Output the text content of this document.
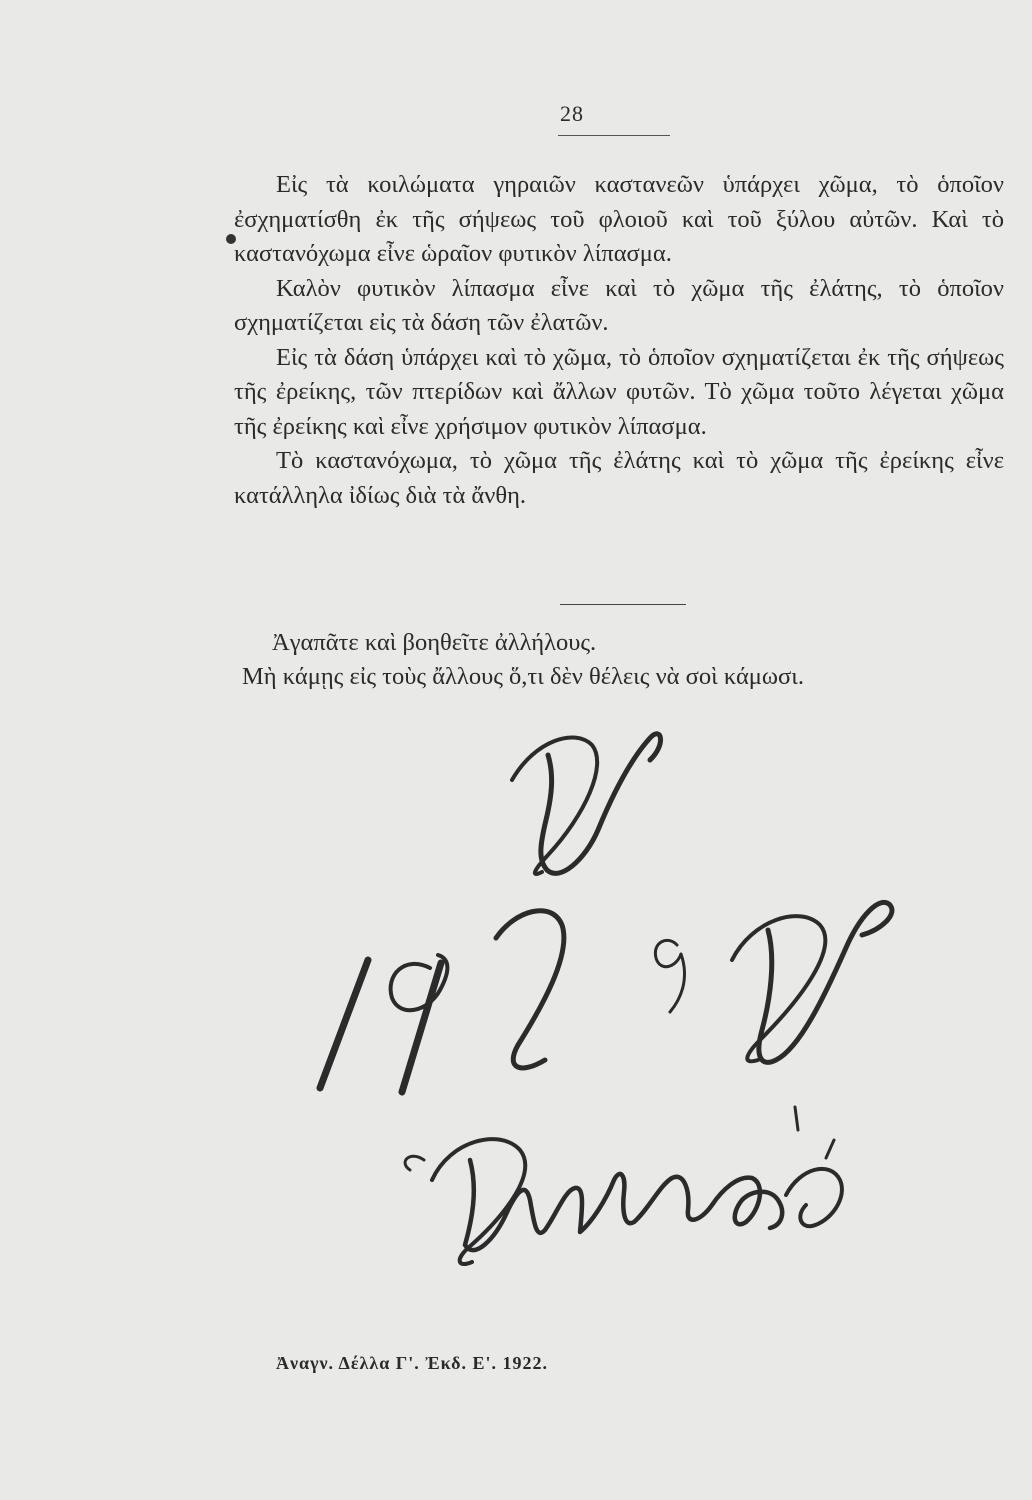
28

Εἰς τὰ κοιλώματα γηραιῶν καστανεῶν ὑπάρχει χῶμα, τὸ ὁποῖον ἐσχηματίσθη ἐκ τῆς σήψεως τοῦ φλοιοῦ καὶ τοῦ ξύλου αὐτῶν. Καὶ τὸ καστανόχωμα εἶνε ὡραῖον φυτικὸν λίπασμα.

Καλὸν φυτικὸν λίπασμα εἶνε καὶ τὸ χῶμα τῆς ἐλάτης, τὸ ὁποῖον σχηματίζεται εἰς τὰ δάση τῶν ἐλατῶν.

Εἰς τὰ δάση ὑπάρχει καὶ τὸ χῶμα, τὸ ὁποῖον σχηματίζεται ἐκ τῆς σήψεως τῆς ἐρείκης, τῶν πτερίδων καὶ ἄλλων φυτῶν. Τὸ χῶμα τοῦτο λέγεται χῶμα τῆς ἐρείκης καὶ εἶνε χρήσιμον φυτικὸν λίπασμα.

Τὸ καστανόχωμα, τὸ χῶμα τῆς ἐλάτης καὶ τὸ χῶμα τῆς ἐρείκης εἶνε κατάλληλα ἰδίως διὰ τὰ ἄνθη.

Ἀγαπᾶτε καὶ βοηθεῖτε ἀλλήλους.
Μὴ κάμῃς εἰς τοὺς ἄλλους ὅ,τι δὲν θέλεις νὰ σοὶ κάμωσι.
Ἀναγν. Δέλλα Γ'. Ἐκδ. Ε'. 1922.
